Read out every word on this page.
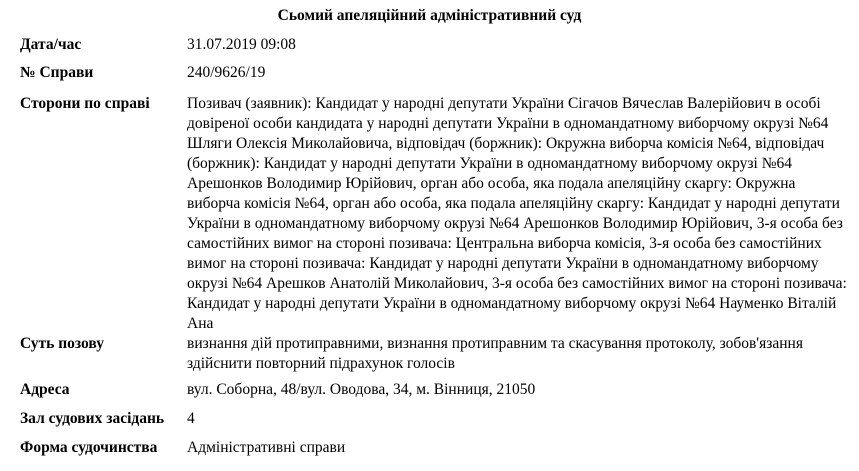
Сьомий апеляційний адміністративний суд
Дата/час	31.07.2019 09:08
№ Справи	240/9626/19
Сторони по справі	Позивач (заявник): Кандидат у народні депутати України Сігачов Вячеслав Валерійович в особі довіреної особи кандидата у народні депутати України в одномандатному виборчому окрузі №64 Шляги Олексія Миколайовича, відповідач (боржник): Окружна виборча комісія №64, відповідач (боржник): Кандидат у народні депутати України в одномандатному виборчому окрузі №64 Арешонков Володимир Юрійович, орган або особа, яка подала апеляційну скаргу: Окружна виборча комісія №64, орган або особа, яка подала апеляційну скаргу: Кандидат у народні депутати України в одномандатному виборчому окрузі №64 Арешонков Володимир Юрійович, 3-я особа без самостійних вимог на стороні позивача: Центральна виборча комісія, 3-я особа без самостійних вимог на стороні позивача: Кандидат у народні депутати України в одномандатному виборчому окрузі №64 Арешков Анатолій Миколайович, 3-я особа без самостійних вимог на стороні позивача: Кандидат у народні депутати України в одномандатному виборчому окрузі №64 Науменко Віталій Ана
Суть позову	визнання дій протиправними, визнання протиправним та скасування протоколу, зобов'язання здійснити повторний підрахунок голосів
Адреса	вул. Соборна, 48/вул. Оводова, 34, м. Вінниця, 21050
Зал судових засідань	4
Форма судочинства	Адміністративні справи
